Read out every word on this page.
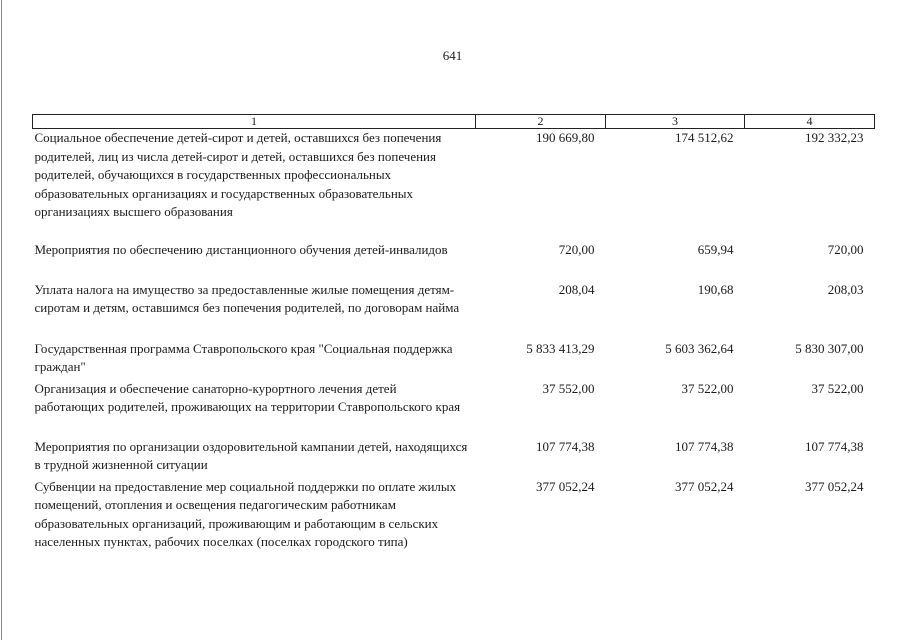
641
1	2	3	4
Социальное обеспечение детей-сирот и детей, оставшихся без попечения родителей, лиц из числа детей-сирот и детей, оставшихся без попечения родителей, обучающихся в государственных профессиональных образовательных организациях и государственных образовательных организациях высшего образования	190 669,80	174 512,62	192 332,23
Мероприятия по обеспечению дистанционного обучения детей-инвалидов	720,00	659,94	720,00
Уплата налога на имущество за предоставленные жилые помещения детям-сиротам и детям, оставшимся без попечения родителей, по договорам найма	208,04	190,68	208,03
Государственная программа Ставропольского края "Социальная поддержка граждан"	5 833 413,29	5 603 362,64	5 830 307,00
Организация и обеспечение санаторно-курортного лечения детей работающих родителей, проживающих на территории Ставропольского края	37 552,00	37 522,00	37 522,00
Мероприятия по организации оздоровительной кампании детей, находящихся в трудной жизненной ситуации	107 774,38	107 774,38	107 774,38
Субвенции на предоставление мер социальной поддержки по оплате жилых помещений, отопления и освещения педагогическим работникам образовательных организаций, проживающим и работающим в сельских населенных пунктах, рабочих поселках (поселках городского типа)	377 052,24	377 052,24	377 052,24
